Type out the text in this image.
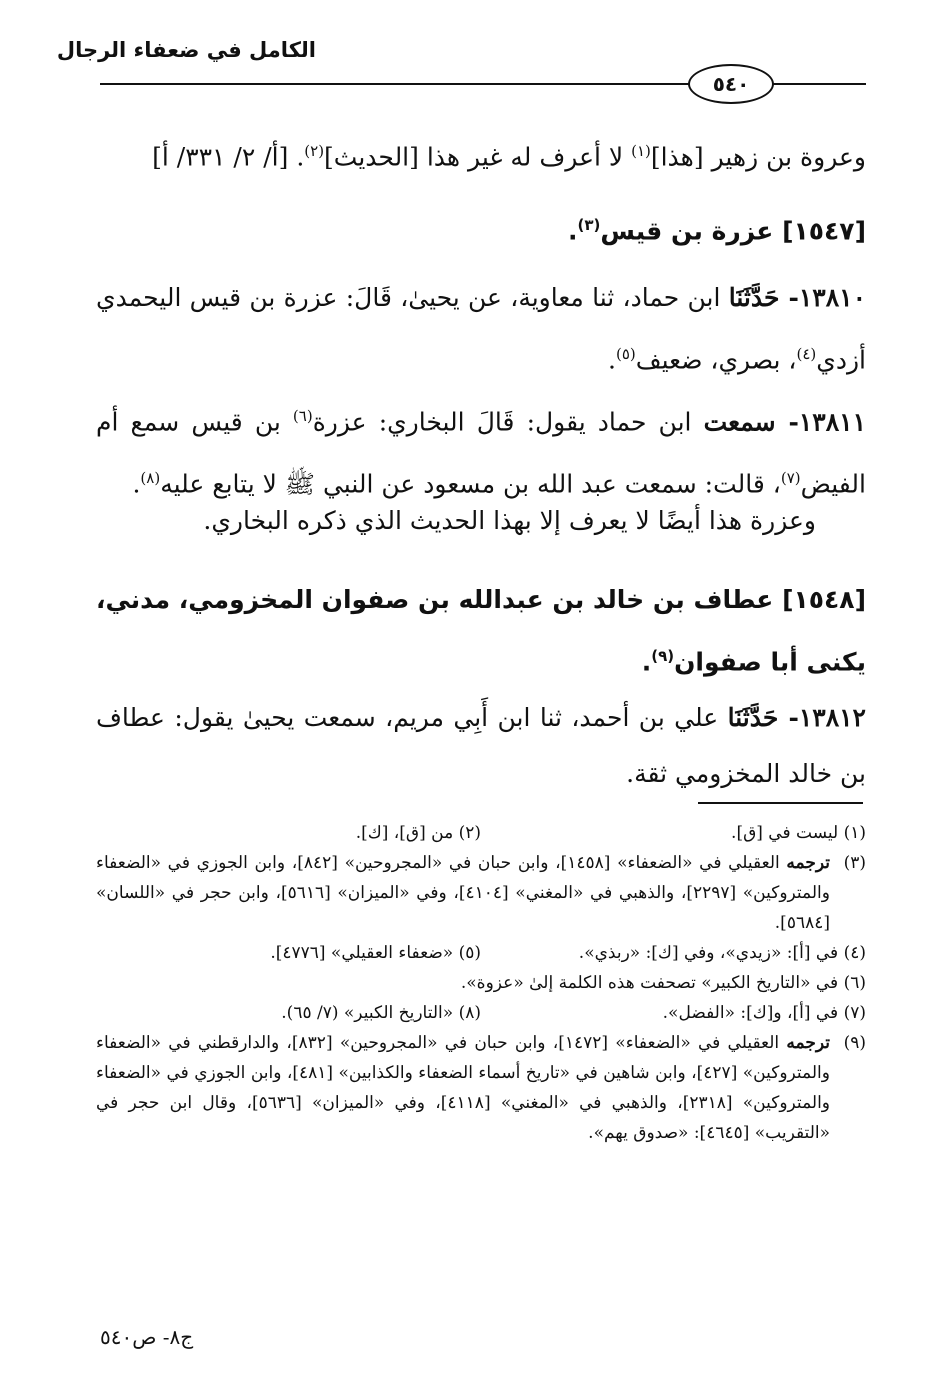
الكامل في ضعفاء الرجال
٥٤٠
وعروة بن زهير [هذا]$^{(١)}$ لا أعرف له غير هذا [الحديث]$^{(٢)}$. [أ/ ٢/ ٣٣١/ أ]
[١٥٤٧] عزرة بن قيس$^{(٣)}$.
١٣٨١٠- حَدَّثَنَا ابن حماد، ثنا معاوية، عن يحيىٰ، قَالَ: عزرة بن قيس اليحمدي أزدي$^{(٤)}$، بصري، ضعيف$^{(٥)}$.
١٣٨١١- سمعت ابن حماد يقول: قَالَ البخاري: عزرة$^{(٦)}$ بن قيس سمع أم الفيض$^{(٧)}$، قالت: سمعت عبد الله بن مسعود عن النبي ﷺ لا يتابع عليه$^{(٨)}$.
وعزرة هذا أيضًا لا يعرف إلا بهذا الحديث الذي ذكره البخاري.
[١٥٤٨] عطاف بن خالد بن عبدالله بن صفوان المخزومي، مدني، يكنى أبا صفوان$^{(٩)}$.
١٣٨١٢- حَدَّثَنَا علي بن أحمد، ثنا ابن أَبِي مريم، سمعت يحيىٰ يقول: عطاف بن خالد المخزومي ثقة.
(١) ليست في [ق].
(٢) من [ق]، [ك].
(٣)
ترجمه العقيلي في «الضعفاء» [١٤٥٨]، وابن حبان في «المجروحين» [٨٤٢]، وابن الجوزي في «الضعفاء والمتروكين» [٢٢٩٧]، والذهبي في «المغني» [٤١٠٤]، وفي «الميزان» [٥٦١٦]، وابن حجر في «اللسان» [٥٦٨٤].
(٤) في [أ]: «زيدي»، وفي [ك]: «ربذي».
(٥) «ضعفاء العقيلي» [٤٧٧٦].
(٦) في «التاريخ الكبير» تصحفت هذه الكلمة إلىٰ «عزوة».
(٧) في [أ]، و[ك]: «الفضل».
(٨) «التاريخ الكبير» (٧/ ٦٥).
(٩)
ترجمه العقيلي في «الضعفاء» [١٤٧٢]، وابن حبان في «المجروحين» [٨٣٢]، والدارقطني في «الضعفاء والمتروكين» [٤٢٧]، وابن شاهين في «تاريخ أسماء الضعفاء والكذابين» [٤٨١]، وابن الجوزي في «الضعفاء والمتروكين» [٢٣١٨]، والذهبي في «المغني» [٤١١٨]، وفي «الميزان» [٥٦٣٦]، وقال ابن حجر في «التقريب» [٤٦٤٥]: «صدوق يهم».
ج٨- ص٥٤٠
